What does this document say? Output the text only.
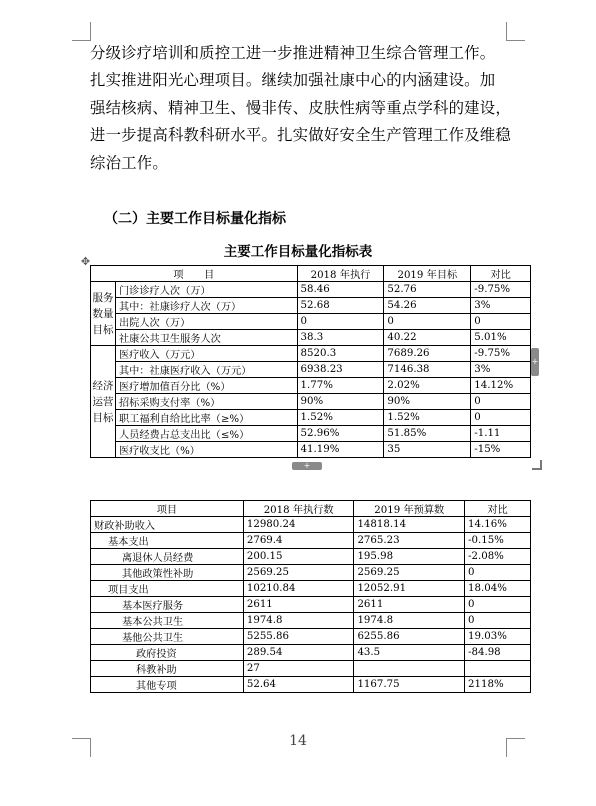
分级诊疗培训和质控工进一步推进精神卫生综合管理工作。
扎实推进阳光心理项目。继续加强社康中心的内涵建设。加
强结核病、精神卫生、慢非传、皮肤性病等重点学科的建设，
进一步提高科教科研水平。扎实做好安全生产管理工作及维稳
综治工作。

（二）主要工作目标量化指标

主要工作目标量化指标表

✥
项　　目		2018 年执行	2019 年目标	对比
服务数量目标	门诊诊疗人次（万）	58.46	52.76	-9.75%
	其中：社康诊疗人次（万）	52.68	54.26	3%
	出院人次（万）	0	0	0
	社康公共卫生服务人次	38.3	40.22	5.01%
经济运营目标	医疗收入（万元）	8520.3	7689.26	-9.75%
	其中：社康医疗收入（万元）	6938.23	7146.38	3%
	医疗增加值百分比（%）	1.77%	2.02%	14.12%
	招标采购支付率（%）	90%	90%	0
	职工福利自给比比率（≥%）	1.52%	1.52%	0
	人员经费占总支出比（≤%）	52.96%	51.85%	-1.11
	医疗收支比（%）	41.19%	35	-15%
+
+
项目	2018 年执行数	2019 年预算数	对比
财政补助收入	12980.24	14818.14	14.16%
基本支出	2769.4	2765.23	-0.15%
离退休人员经费	200.15	195.98	-2.08%
其他政策性补助	2569.25	2569.25	0
项目支出	10210.84	12052.91	18.04%
基本医疗服务	2611	2611	0
基本公共卫生	1974.8	1974.8	0
基他公共卫生	5255.86	6255.86	19.03%
政府投资	289.54	43.5	-84.98
科教补助	27		
其他专项	52.64	1167.75	2118%

14
